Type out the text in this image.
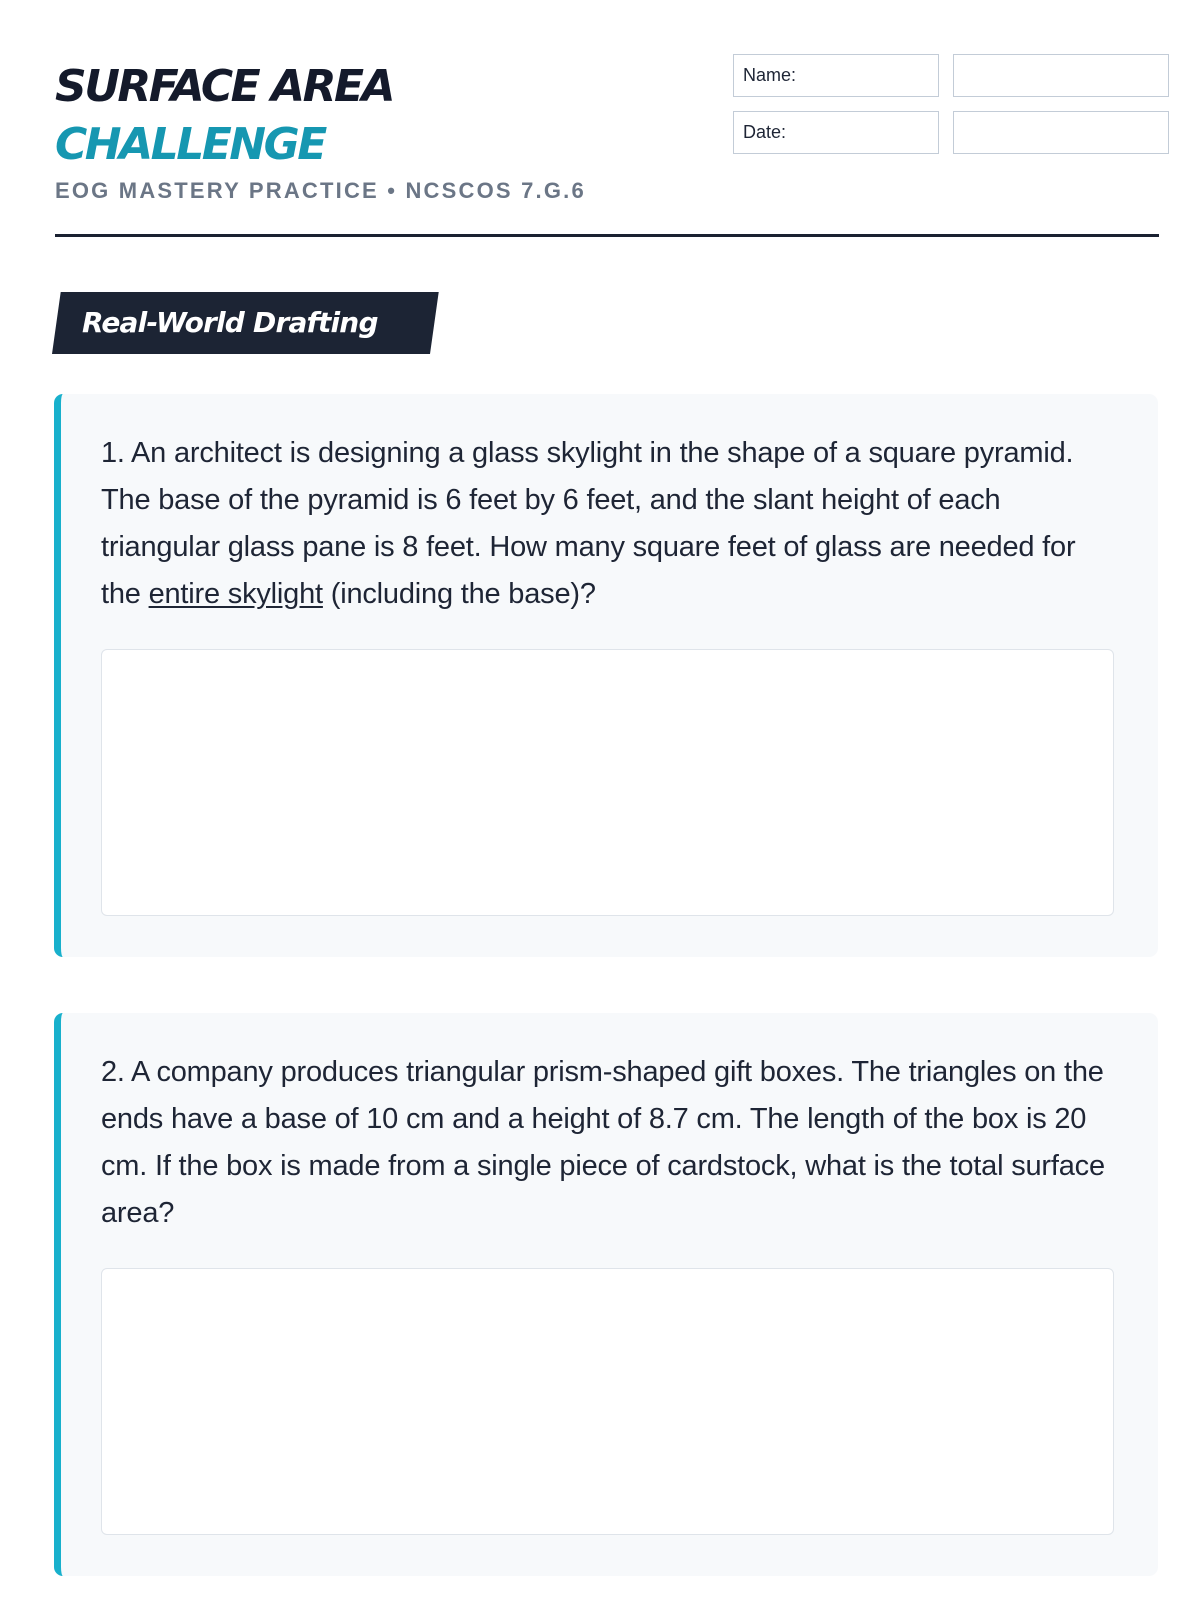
SURFACE AREA
CHALLENGE
EOG MASTERY PRACTICE • NCSCOS 7.G.6
Name:
Date:
Real-World Drafting
1. An architect is designing a glass skylight in the shape of a square pyramid. The base of the pyramid is 6 feet by 6 feet, and the slant height of each triangular glass pane is 8 feet. How many square feet of glass are needed for the entire skylight (including the base)?
2. A company produces triangular prism-shaped gift boxes. The triangles on the ends have a base of 10 cm and a height of 8.7 cm. The length of the box is 20 cm. If the box is made from a single piece of cardstock, what is the total surface area?
